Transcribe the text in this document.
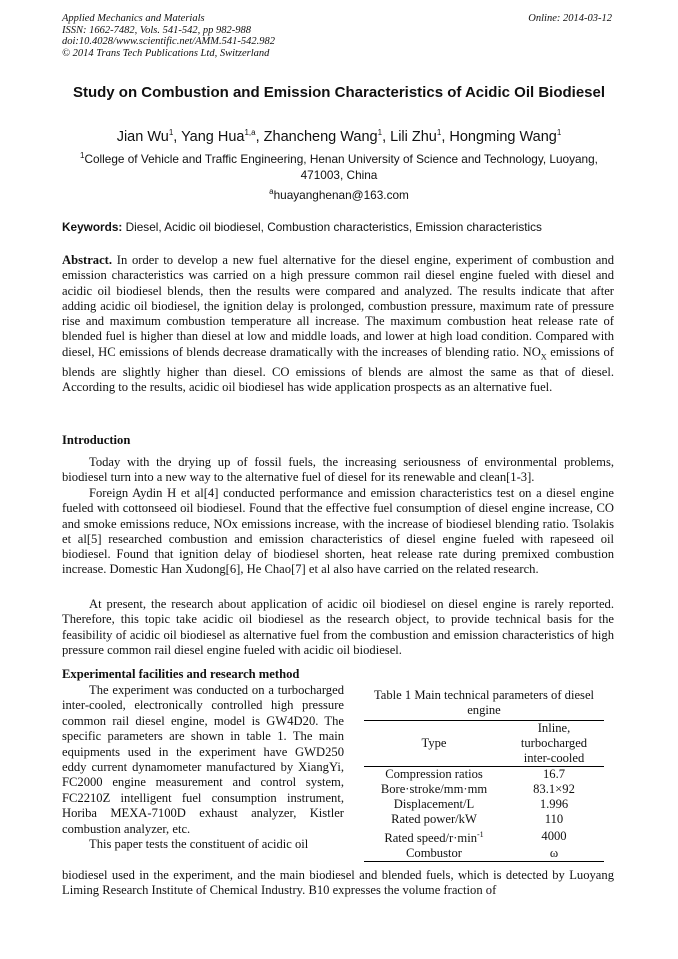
Applied Mechanics and Materials
ISSN: 1662-7482, Vols. 541-542, pp 982-988
doi:10.4028/www.scientific.net/AMM.541-542.982
© 2014 Trans Tech Publications Ltd, Switzerland
Online: 2014-03-12
Study on Combustion and Emission Characteristics of Acidic Oil Biodiesel
Jian Wu$^1$, Yang Hua$^{1,a}$, Zhancheng Wang$^1$, Lili Zhu$^1$, Hongming Wang$^1$
$^1$College of Vehicle and Traffic Engineering, Henan University of Science and Technology, Luoyang, 471003, China
$^a$huayanghenan@163.com
Keywords: Diesel, Acidic oil biodiesel, Combustion characteristics, Emission characteristics
Abstract. In order to develop a new fuel alternative for the diesel engine, experiment of combustion and emission characteristics was carried on a high pressure common rail diesel engine fueled with diesel and acidic oil biodiesel blends, then the results were compared and analyzed. The results indicate that after adding acidic oil biodiesel, the ignition delay is prolonged, combustion pressure, maximum rate of pressure rise and maximum combustion temperature all increase. The maximum combustion heat release rate of blended fuel is higher than diesel at low and middle loads, and lower at high load condition. Compared with diesel, HC emissions of blends decrease dramatically with the increases of blending ratio. $NO_X$ emissions of blends are slightly higher than diesel. CO emissions of blends are almost the same as that of diesel. According to the results, acidic oil biodiesel has wide application prospects as an alternative fuel.
Introduction
Today with the drying up of fossil fuels, the increasing seriousness of environmental problems, biodiesel turn into a new way to the alternative fuel of diesel for its renewable and clean[1-3].
Foreign Aydin H et al[4] conducted performance and emission characteristics test on a diesel engine fueled with cottonseed oil biodiesel. Found that the effective fuel consumption of diesel engine increase, CO and smoke emissions reduce, NOx emissions increase, with the increase of biodiesel blending ratio. Tsolakis et al[5] researched combustion and emission characteristics of diesel engine fueled with rapeseed oil biodiesel. Found that ignition delay of biodiesel shorten, heat release rate during premixed combustion increase. Domestic Han Xudong[6], He Chao[7] et al also have carried on the related research.
At present, the research about application of acidic oil biodiesel on diesel engine is rarely reported. Therefore, this topic take acidic oil biodiesel as the research object, to provide technical basis for the feasibility of acidic oil biodiesel as alternative fuel from the combustion and emission characteristics of high pressure common rail diesel engine fueled with acidic oil biodiesel.
Experimental facilities and research method

The experiment was conducted on a turbocharged inter-cooled, electronically controlled high pressure common rail diesel engine, model is GW4D20. The specific parameters are shown in table 1. The main equipments used in the experiment have GWD250 eddy current dynamometer manufactured by XiangYi, FC2000 engine measurement and control system, FC2210Z intelligent fuel consumption instrument, Horiba MEXA-7100D exhaust analyzer, Kistler combustion analyzer, etc.

This paper tests the constituent of acidic oil

Table 1 Main technical parameters of diesel engine
Type	Inline,
turbocharged
inter-cooled

Compression ratios	16.7
Bore·stroke/mm·mm	83.1×92
Displacement/L	1.996
Rated power/kW	110
Rated speed/$r\cdot\min^{-1}$	4000
Combustor	ω
biodiesel used in the experiment, and the main biodiesel and blended fuels, which is detected by Luoyang Liming Research Institute of Chemical Industry. B10 expresses the volume fraction of
